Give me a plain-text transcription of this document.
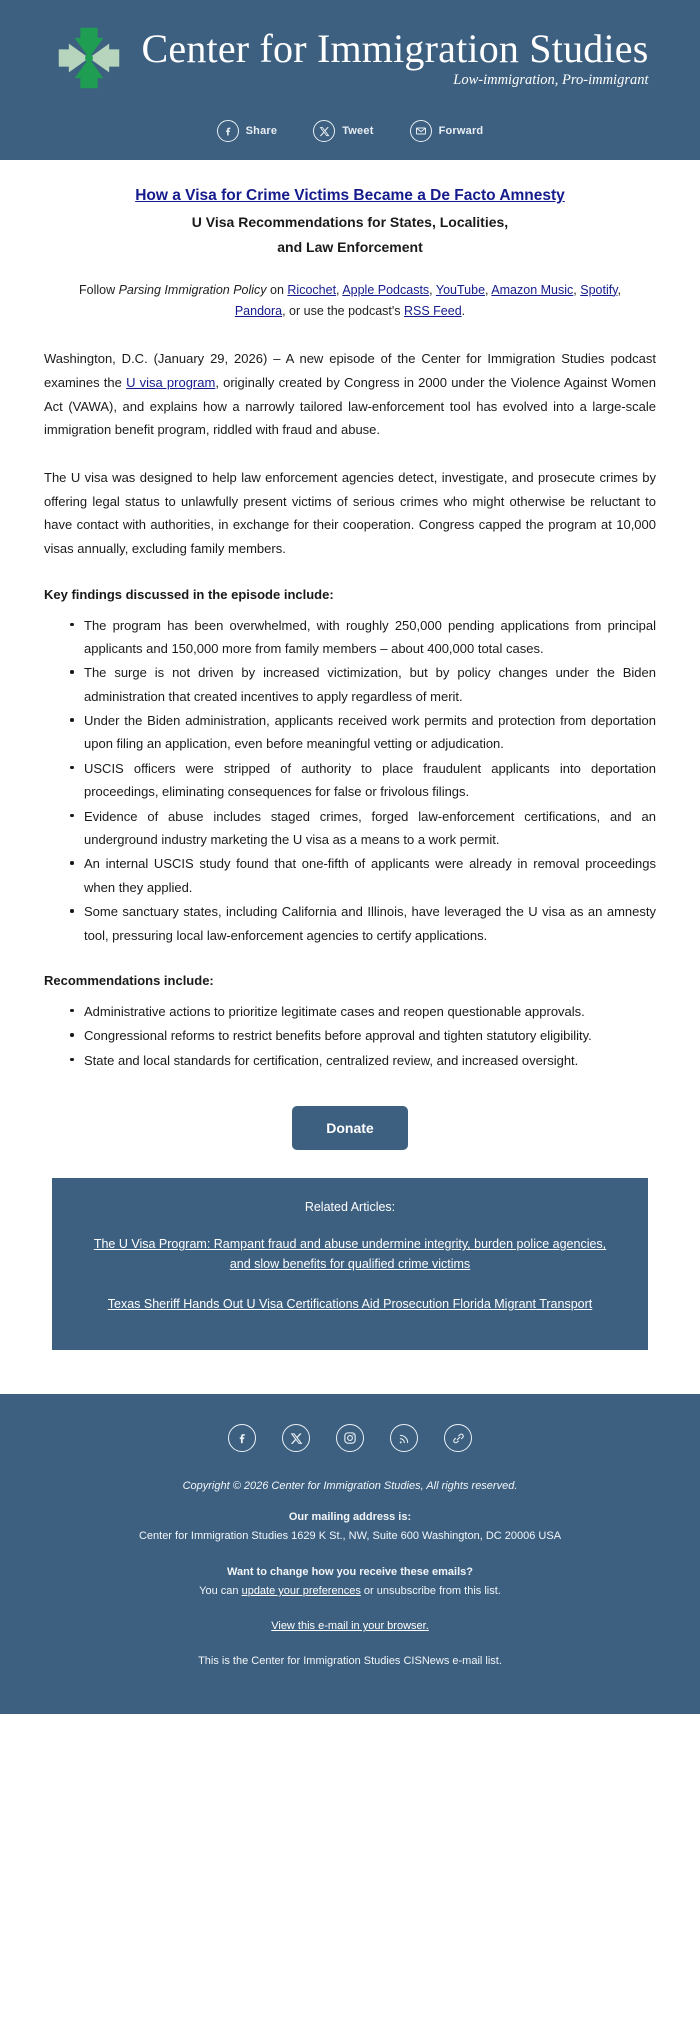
Center for Immigration Studies
Low-immigration, Pro-immigrant
Share	Tweet	Forward
How a Visa for Crime Victims Became a De Facto Amnesty
U Visa Recommendations for States, Localities,
and Law Enforcement
Follow Parsing Immigration Policy on Ricochet, Apple Podcasts, YouTube, Amazon Music, Spotify, Pandora, or use the podcast's RSS Feed.
Washington, D.C. (January 29, 2026) – A new episode of the Center for Immigration Studies podcast examines the U visa program, originally created by Congress in 2000 under the Violence Against Women Act (VAWA), and explains how a narrowly tailored law-enforcement tool has evolved into a large-scale immigration benefit program, riddled with fraud and abuse.
The U visa was designed to help law enforcement agencies detect, investigate, and prosecute crimes by offering legal status to unlawfully present victims of serious crimes who might otherwise be reluctant to have contact with authorities, in exchange for their cooperation. Congress capped the program at 10,000 visas annually, excluding family members.
Key findings discussed in the episode include:
The program has been overwhelmed, with roughly 250,000 pending applications from principal applicants and 150,000 more from family members – about 400,000 total cases.
The surge is not driven by increased victimization, but by policy changes under the Biden administration that created incentives to apply regardless of merit.
Under the Biden administration, applicants received work permits and protection from deportation upon filing an application, even before meaningful vetting or adjudication.
USCIS officers were stripped of authority to place fraudulent applicants into deportation proceedings, eliminating consequences for false or frivolous filings.
Evidence of abuse includes staged crimes, forged law-enforcement certifications, and an underground industry marketing the U visa as a means to a work permit.
An internal USCIS study found that one-fifth of applicants were already in removal proceedings when they applied.
Some sanctuary states, including California and Illinois, have leveraged the U visa as an amnesty tool, pressuring local law-enforcement agencies to certify applications.
Recommendations include:
Administrative actions to prioritize legitimate cases and reopen questionable approvals.
Congressional reforms to restrict benefits before approval and tighten statutory eligibility.
State and local standards for certification, centralized review, and increased oversight.
Donate
Related Articles:
The U Visa Program: Rampant fraud and abuse undermine integrity, burden police agencies, and slow benefits for qualified crime victims
Texas Sheriff Hands Out U Visa Certifications Aid Prosecution Florida Migrant Transport
Copyright © 2026 Center for Immigration Studies, All rights reserved.
Our mailing address is:
Center for Immigration Studies 1629 K St., NW, Suite 600 Washington, DC 20006 USA
Want to change how you receive these emails?
You can update your preferences or unsubscribe from this list.
View this e-mail in your browser.
This is the Center for Immigration Studies CISNews e-mail list.
